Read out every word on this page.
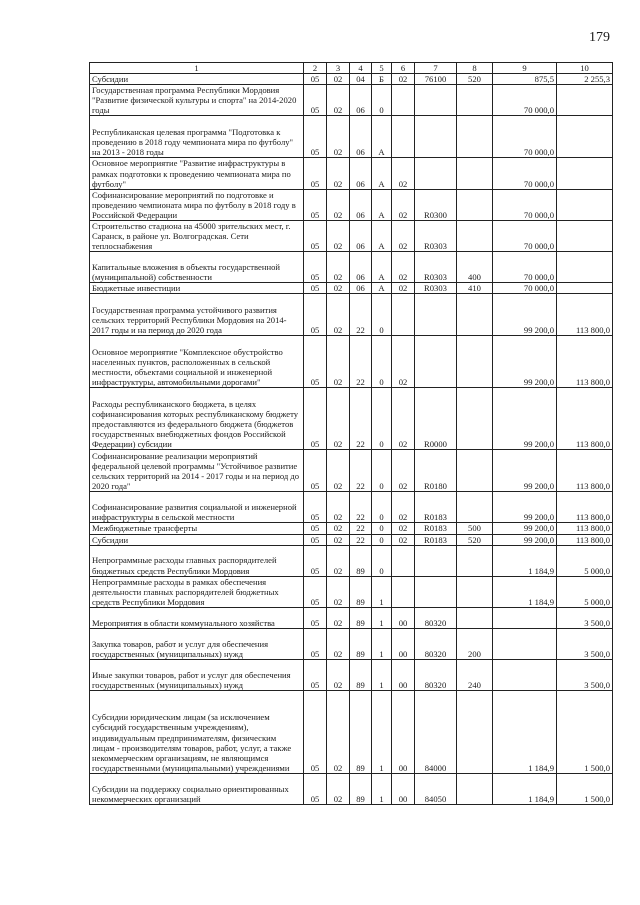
179
1	2	3	4	5	6	7	8	9	10
Субсидии	05	02	04	Б	02	76100	520	875,5	2 255,3
Государственная программа Республики Мордовия "Развитие физической культуры и спорта" на 2014-2020 годы	05	02	06	0				70 000,0	
Республиканская целевая программа "Подготовка к проведению в 2018 году чемпионата мира по футболу" на 2013 - 2018 годы	05	02	06	А				70 000,0	
Основное мероприятие "Развитие инфраструктуры в рамках подготовки к проведению чемпионата мира по футболу"	05	02	06	А	02			70 000,0	
Софинансирование мероприятий по подготовке и проведению чемпионата мира по футболу в 2018 году в Российской Федерации	05	02	06	А	02	R0300		70 000,0	
Строительство стадиона на 45000 зрительских мест, г. Саранск, в районе ул. Волгоградская. Сети теплоснабжения	05	02	06	А	02	R0303		70 000,0	
Капитальные вложения в объекты государственной (муниципальной) собственности	05	02	06	А	02	R0303	400	70 000,0	
Бюджетные инвестиции	05	02	06	А	02	R0303	410	70 000,0	
Государственная программа устойчивого развития сельских территорий Республики Мордовия на 2014-2017 годы и на период до 2020 года	05	02	22	0				99 200,0	113 800,0
Основное мероприятие "Комплексное обустройство населенных пунктов, расположенных в сельской местности, объектами социальной и инженерной инфраструктуры, автомобильными дорогами"	05	02	22	0	02			99 200,0	113 800,0
Расходы республиканского бюджета, в целях софинансирования которых республиканскому бюджету предоставляются из федерального бюджета (бюджетов государственных внебюджетных фондов Российской Федерации) субсидии	05	02	22	0	02	R0000		99 200,0	113 800,0
Софинансирование реализации мероприятий федеральной целевой программы "Устойчивое развитие сельских территорий на 2014 - 2017 годы и на период до 2020 года"	05	02	22	0	02	R0180		99 200,0	113 800,0
Софинансирование развития социальной и инженерной инфраструктуры в сельской местности	05	02	22	0	02	R0183		99 200,0	113 800,0
Межбюджетные трансферты	05	02	22	0	02	R0183	500	99 200,0	113 800,0
Субсидии	05	02	22	0	02	R0183	520	99 200,0	113 800,0
Непрограммные расходы главных распорядителей бюджетных средств Республики Мордовия	05	02	89	0				1 184,9	5 000,0
Непрограммные расходы в рамках обеспечения деятельности главных распорядителей бюджетных средств Республики Мордовия	05	02	89	1				1 184,9	5 000,0
Мероприятия в области коммунального хозяйства	05	02	89	1	00	80320			3 500,0
Закупка товаров, работ и услуг для обеспечения государственных (муниципальных) нужд	05	02	89	1	00	80320	200		3 500,0
Иные закупки товаров, работ и услуг для обеспечения государственных (муниципальных) нужд	05	02	89	1	00	80320	240		3 500,0
Субсидии юридическим лицам (за исключением субсидий государственным учреждениям), индивидуальным предпринимателям, физическим лицам - производителям товаров, работ, услуг, а также некоммерческим организациям, не являющимся государственными (муниципальными) учреждениями	05	02	89	1	00	84000		1 184,9	1 500,0
Субсидии на поддержку социально ориентированных некоммерческих организаций	05	02	89	1	00	84050		1 184,9	1 500,0
